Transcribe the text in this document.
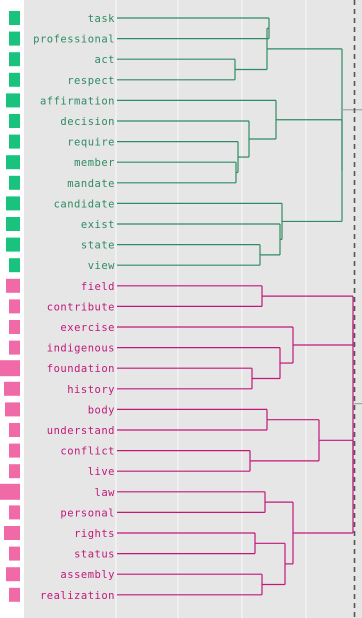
task
professional
act
respect
affirmation
decision
require
member
mandate
candidate
exist
state
view
field
contribute
exercise
indigenous
foundation
history
body
understand
conflict
live
law
personal
rights
status
assembly
realization
